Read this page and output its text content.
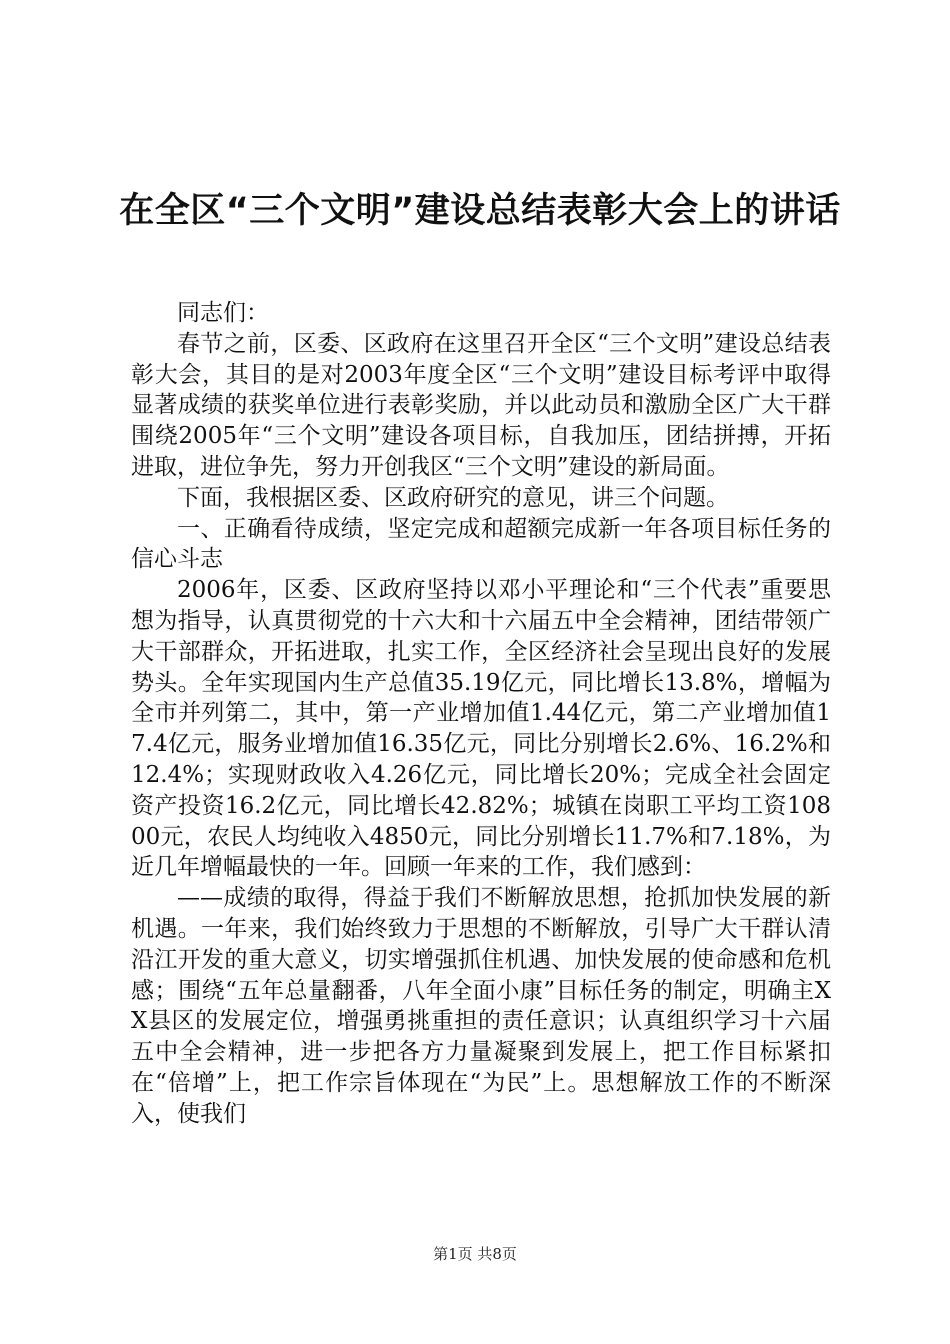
在全区“三个文明”建设总结表彰大会上的讲话

同志们：

春节之前，区委、区政府在这里召开全区“三个文明”建设总结表彰大会，其目的是对2003年度全区“三个文明”建设目标考评中取得显著成绩的获奖单位进行表彰奖励，并以此动员和激励全区广大干群围绕2005年“三个文明”建设各项目标，自我加压，团结拼搏，开拓进取，进位争先，努力开创我区“三个文明”建设的新局面。

下面，我根据区委、区政府研究的意见，讲三个问题。

一、正确看待成绩，坚定完成和超额完成新一年各项目标任务的信心斗志

2006年，区委、区政府坚持以邓小平理论和“三个代表”重要思想为指导，认真贯彻党的十六大和十六届五中全会精神，团结带领广大干部群众，开拓进取，扎实工作，全区经济社会呈现出良好的发展势头。全年实现国内生产总值35.19亿元，同比增长13.8%，增幅为全市并列第二，其中，第一产业增加值1.44亿元，第二产业增加值17.4亿元，服务业增加值16.35亿元，同比分别增长2.6%、16.2%和12.4%；实现财政收入4.26亿元，同比增长20%；完成全社会固定资产投资16.2亿元，同比增长42.82%；城镇在岗职工平均工资10800元，农民人均纯收入4850元，同比分别增长11.7%和7.18%，为近几年增幅最快的一年。回顾一年来的工作，我们感到：

——成绩的取得，得益于我们不断解放思想，抢抓加快发展的新机遇。一年来，我们始终致力于思想的不断解放，引导广大干群认清沿江开发的重大意义，切实增强抓住机遇、加快发展的使命感和危机感；围绕“五年总量翻番，八年全面小康”目标任务的制定，明确主XX县区的发展定位，增强勇挑重担的责任意识；认真组织学习十六届五中全会精神，进一步把各方力量凝聚到发展上，把工作目标紧扣在“倍增”上，把工作宗旨体现在“为民”上。思想解放工作的不断深入，使我们

第1页 共8页
